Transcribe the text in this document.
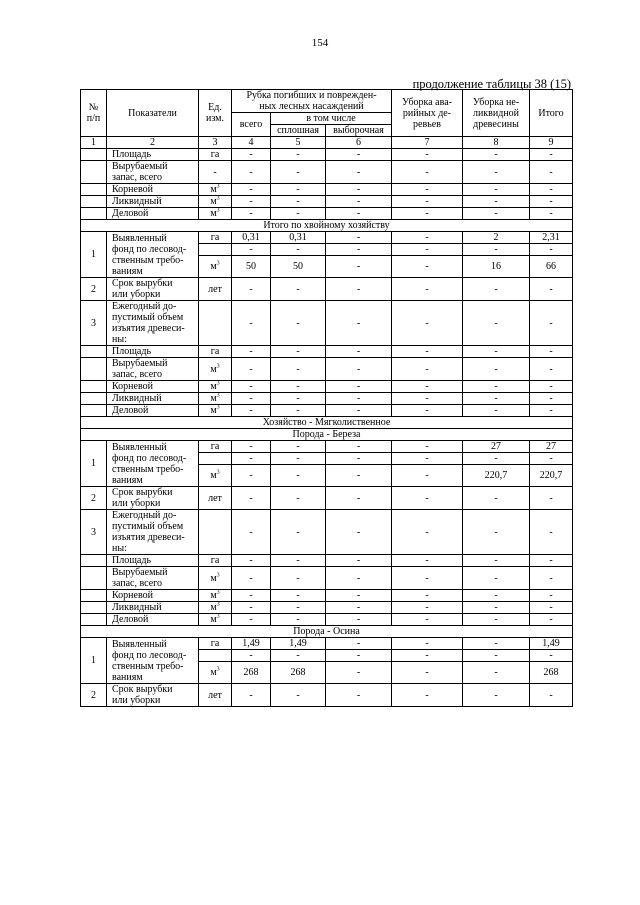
154
продолжение таблицы 38 (15)
№
п/п	Показатели	Ед.
изм.	Рубка погибших и поврежден-
ных лесных насаждений			Уборка ава-
рийных де-
ревьев	Уборка не-
ликвидной
древесины	Итого
			всего	в том числе				
				сплошная	выборочная			
1	2	3	4	5	6	7	8	9
	Площадь	га	-	-	-	-	-	-
	Вырубаемый
запас, всего	-	-	-	-	-	-	-
	Корневой	$м^3$	-	-	-	-	-	-
	Ликвидный	$м^3$	-	-	-	-	-	-
	Деловой	$м^3$	-	-	-	-	-	-
Итого по хвойному хозяйству								
1	Выявленный
фонд по лесовод-
ственным требо-
ваниям	га	0,31	0,31	-	-	2	2,31
			-	-	-	-	-	-
		$м^3$	50	50	-	-	16	66
2	Срок вырубки
или уборки	лет	-	-	-	-	-	-
3	Ежегодный до-
пустимый объем
изъятия древеси-
ны:		-	-	-	-	-	-
	Площадь	га	-	-	-	-	-	-
	Вырубаемый
запас, всего	$м^3$	-	-	-	-	-	-
	Корневой	$м^3$	-	-	-	-	-	-
	Ликвидный	$м^3$	-	-	-	-	-	-
	Деловой	$м^3$	-	-	-	-	-	-
Хозяйство - Мягколиственное								
Порода - Береза								
1	Выявленный
фонд по лесовод-
ственным требо-
ваниям	га	-	-	-	-	27	27
			-	-	-	-	-	-
		$м^3$	-	-	-	-	220,7	220,7
2	Срок вырубки
или уборки	лет	-	-	-	-	-	-
3	Ежегодный до-
пустимый объем
изъятия древеси-
ны:		-	-	-	-	-	-
	Площадь	га	-	-	-	-	-	-
	Вырубаемый
запас, всего	$м^3$	-	-	-	-	-	-
	Корневой	$м^3$	-	-	-	-	-	-
	Ликвидный	$м^3$	-	-	-	-	-	-
	Деловой	$м^3$	-	-	-	-	-	-
Порода - Осина								
1	Выявленный
фонд по лесовод-
ственным требо-
ваниям	га	1,49	1,49	-	-	-	1,49
			-	-	-	-	-	-
		$м^3$	268	268	-	-	-	268
2	Срок вырубки
или уборки	лет	-	-	-	-	-	-
